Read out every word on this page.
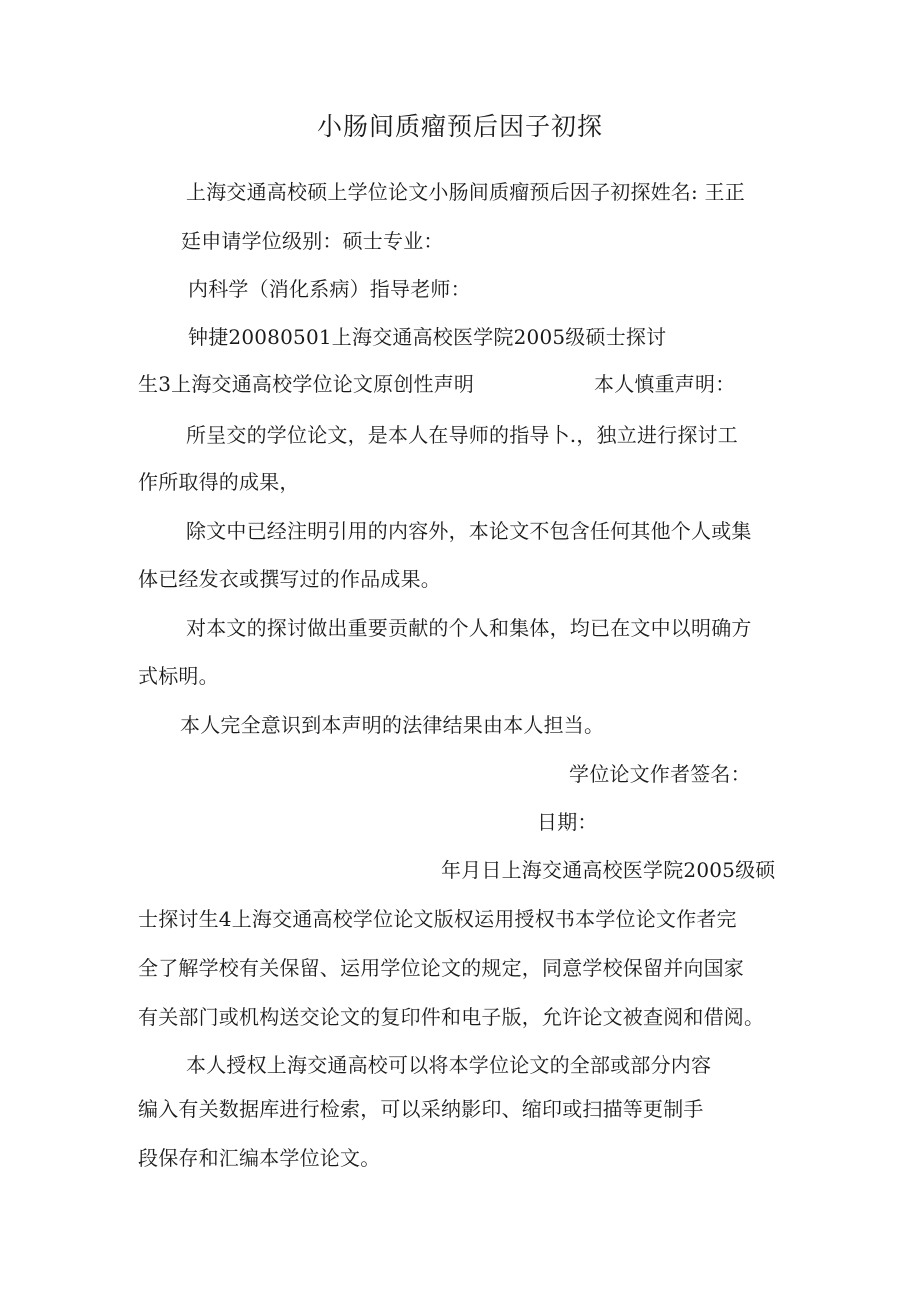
小肠间质瘤预后因子初探
上海交通高校硕上学位论文小肠间质瘤预后因子初探姓名: 王正
廷申请学位级别：硕士专业：
内科学（消化系病）指导老师：
钟捷20080501上海交通高校医学院2005级硕士探讨
生3上海交通高校学位论文原创性声明	本人慎重声明：
所呈交的学位论文，是本人在导师的指导卜.，独立进行探讨工
作所取得的成果，
除文中已经注明引用的内容外，本论文不包含任何其他个人或集
体已经发衣或撰写过的作品成果。
对本文的探讨做出重要贡献的个人和集体，均已在文中以明确方
式标明。
本人完全意识到本声明的法律结果由本人担当。
学位论文作者签名：
日期：
年月日上海交通高校医学院2005级硕
士探讨生4上海交通高校学位论文版权运用授权书本学位论文作者完
全了解学校有关保留、运用学位论文的规定，同意学校保留并向国家
有关部门或机构送交论文的复印件和电子版，允许论文被查阅和借阅。
本人授权上海交通高校可以将本学位论文的全部或部分内容
编入有关数据库进行检索，可以采纳影印、缩印或扫描等更制手
段保存和汇编本学位论文。
